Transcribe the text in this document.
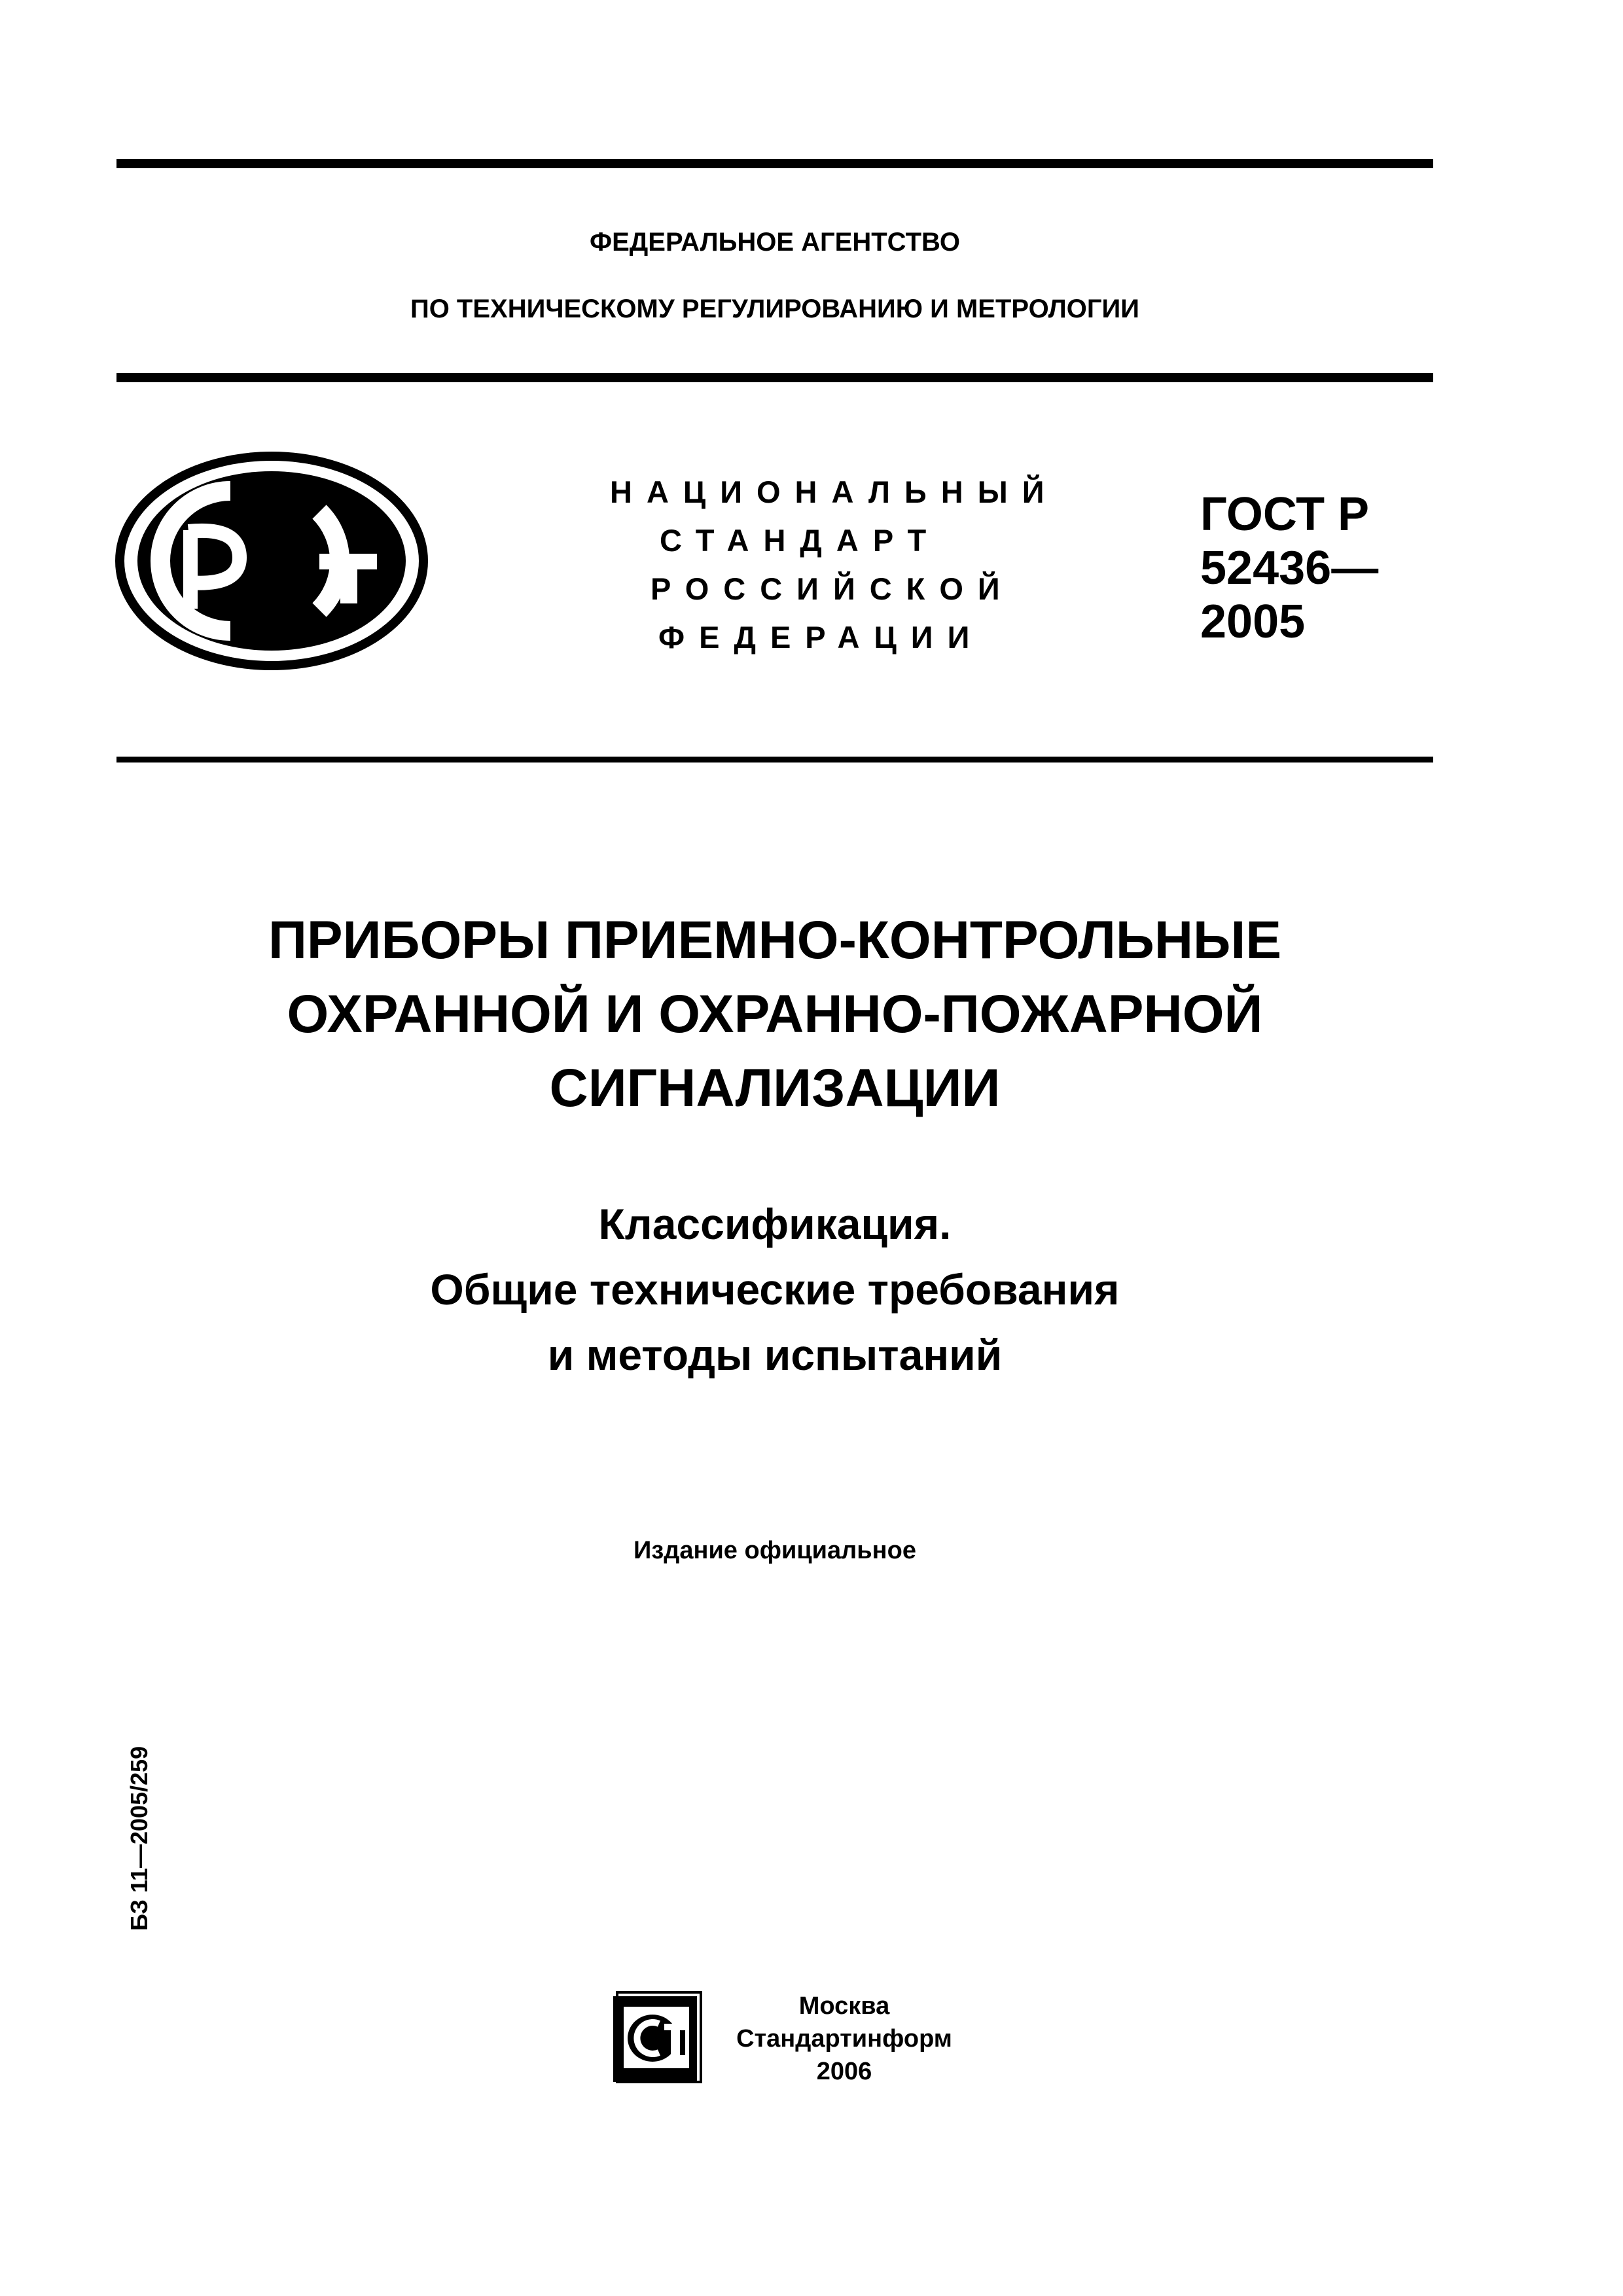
ФЕДЕРАЛЬНОЕ АГЕНТСТВО
ПО ТЕХНИЧЕСКОМУ РЕГУЛИРОВАНИЮ И МЕТРОЛОГИИ
НАЦИОНАЛЬНЫЙ
СТАНДАРТ
РОССИЙСКОЙ
ФЕДЕРАЦИИ
ГОСТ Р
52436—
2005
ПРИБОРЫ ПРИЕМНО-КОНТРОЛЬНЫЕ
ОХРАННОЙ И ОХРАННО-ПОЖАРНОЙ
СИГНАЛИЗАЦИИ
Классификация.
Общие технические требования
и методы испытаний
Издание официальное
БЗ 11—2005/259
Москва
Стандартинформ
2006
